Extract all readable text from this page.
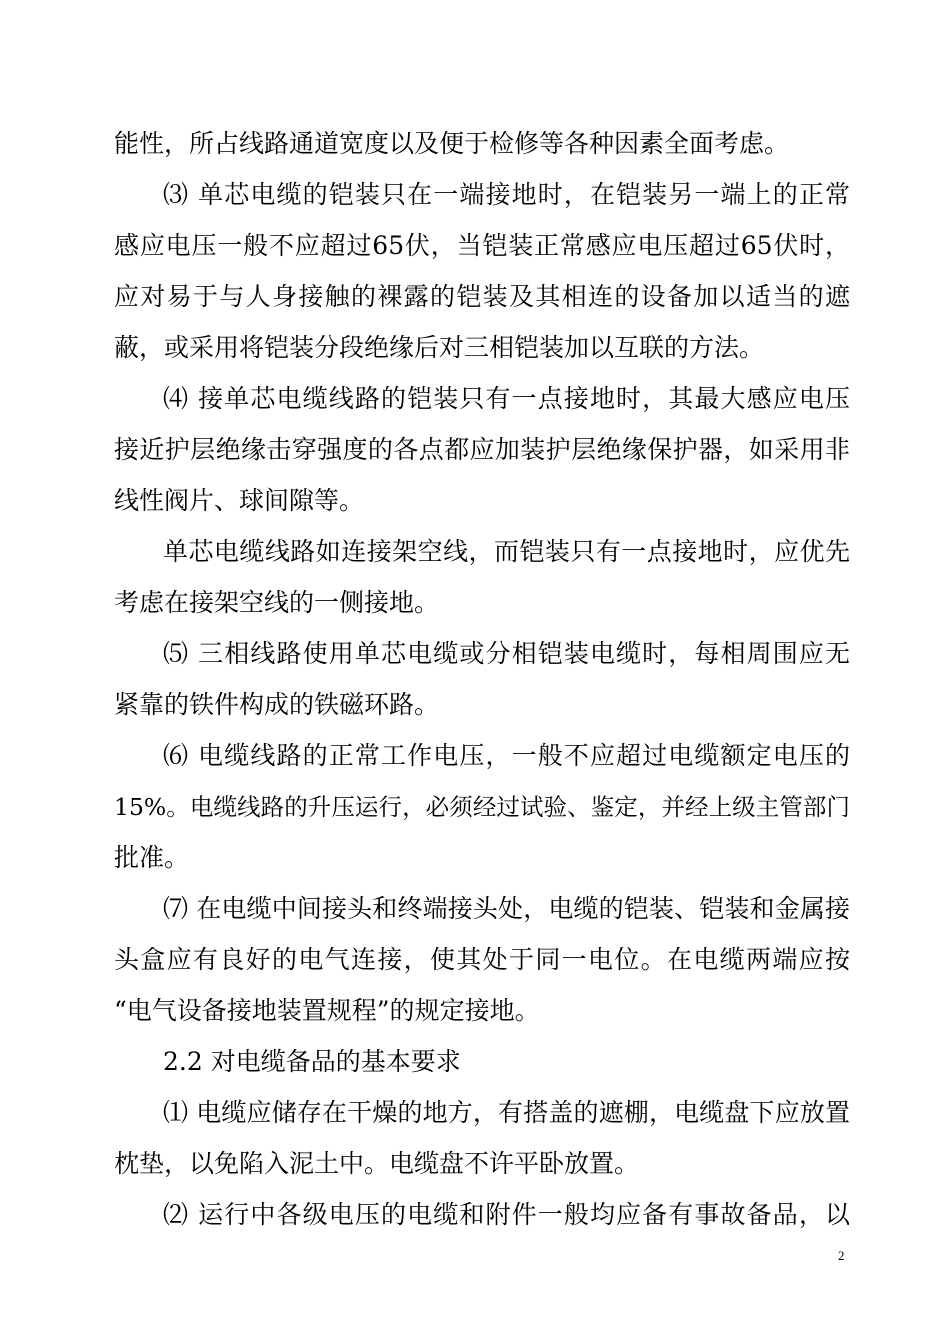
能性，所占线路通道宽度以及便于检修等各种因素全面考虑。
⑶ 单芯电缆的铠装只在一端接地时，在铠装另一端上的正常
感应电压一般不应超过65伏，当铠装正常感应电压超过65伏时，
应对易于与人身接触的裸露的铠装及其相连的设备加以适当的遮
蔽，或采用将铠装分段绝缘后对三相铠装加以互联的方法。
⑷ 接单芯电缆线路的铠装只有一点接地时，其最大感应电压
接近护层绝缘击穿强度的各点都应加装护层绝缘保护器，如采用非
线性阀片、球间隙等。
单芯电缆线路如连接架空线，而铠装只有一点接地时，应优先
考虑在接架空线的一侧接地。
⑸ 三相线路使用单芯电缆或分相铠装电缆时，每相周围应无
紧靠的铁件构成的铁磁环路。
⑹ 电缆线路的正常工作电压，一般不应超过电缆额定电压的
15%。电缆线路的升压运行，必须经过试验、鉴定，并经上级主管部门
批准。
⑺ 在电缆中间接头和终端接头处，电缆的铠装、铠装和金属接
头盒应有良好的电气连接，使其处于同一电位。在电缆两端应按
“电气设备接地装置规程”的规定接地。
2.2 对电缆备品的基本要求
⑴ 电缆应储存在干燥的地方，有搭盖的遮棚，电缆盘下应放置
枕垫，以免陷入泥土中。电缆盘不许平卧放置。
⑵ 运行中各级电压的电缆和附件一般均应备有事故备品，以
2
